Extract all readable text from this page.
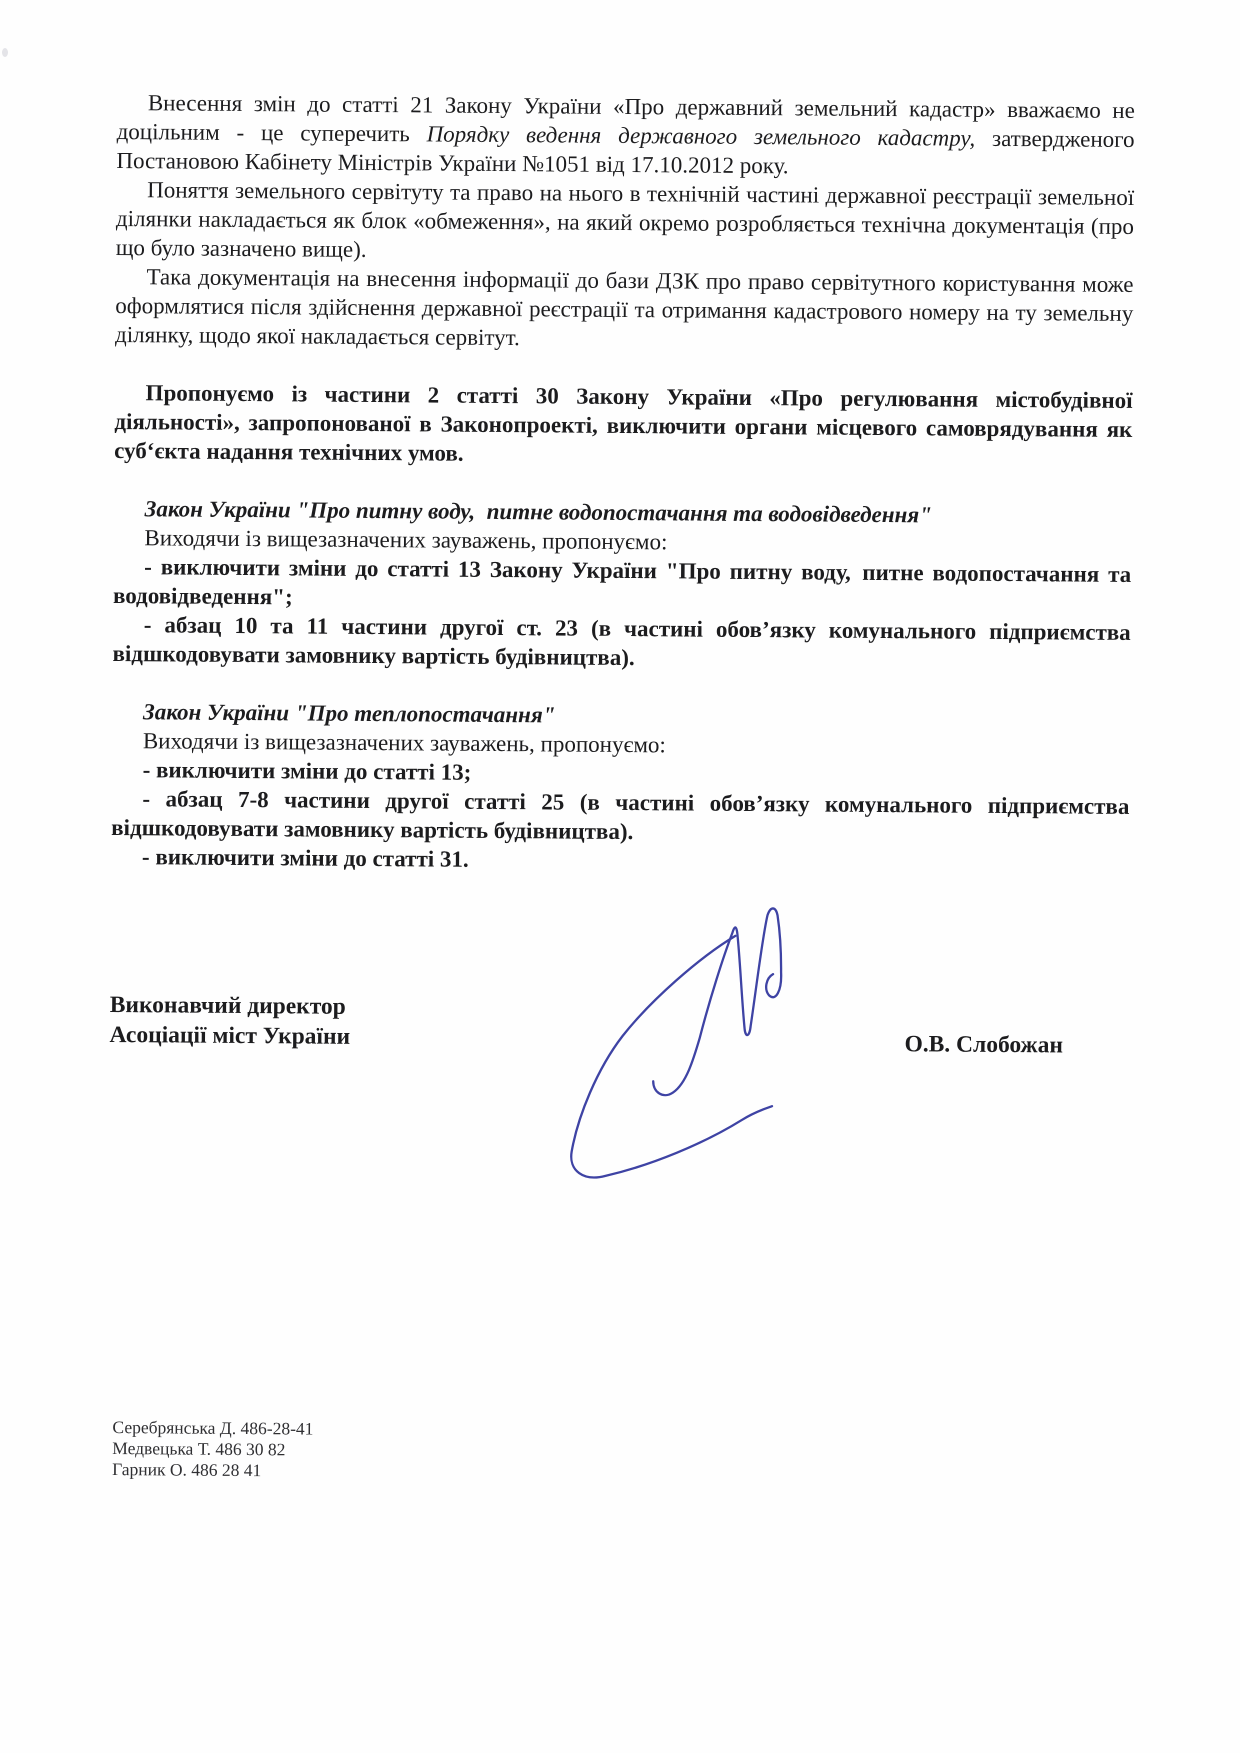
Внесення змін до статті 21 Закону України «Про державний земельний кадастр» вважаємо не доцільним - це суперечить Порядку ведення державного земельного кадастру, затвердженого Постановою Кабінету Міністрів України №1051 від 17.10.2012 року.

Поняття земельного сервітуту та право на нього в технічній частині державної реєстрації земельної ділянки накладається як блок «обмеження», на який окремо розробляється технічна документація (про що було зазначено вище).

Така документація на внесення інформації до бази ДЗК про право сервітутного користування може оформлятися після здійснення державної реєстрації та отримання кадастрового номеру на ту земельну ділянку, щодо якої накладається сервітут.

Пропонуємо із частини 2 статті 30 Закону України «Про регулювання містобудівної діяльності», запропонованої в Законопроекті, виключити органи місцевого самоврядування як суб‘єкта надання технічних умов.

Закон України "Про питну воду, питне водопостачання та водовідведення"

Виходячи із вищезазначених зауважень, пропонуємо:

- виключити зміни до статті 13 Закону України "Про питну воду, питне водопостачання та водовідведення";

- абзац 10 та 11 частини другої ст. 23 (в частині обов’язку комунального підприємства відшкодовувати замовнику вартість будівництва).

Закон України "Про теплопостачання"

Виходячи із вищезазначених зауважень, пропонуємо:

- виключити зміни до статті 13;

- абзац 7-8 частини другої статті 25 (в частині обов’язку комунального підприємства відшкодовувати замовнику вартість будівництва).

- виключити зміни до статті 31.

Виконавчий директор
Асоціації міст України	О.В. Слобожан
Серебрянська Д. 486-28-41
Медвецька Т. 486 30 82
Гарник О. 486 28 41
